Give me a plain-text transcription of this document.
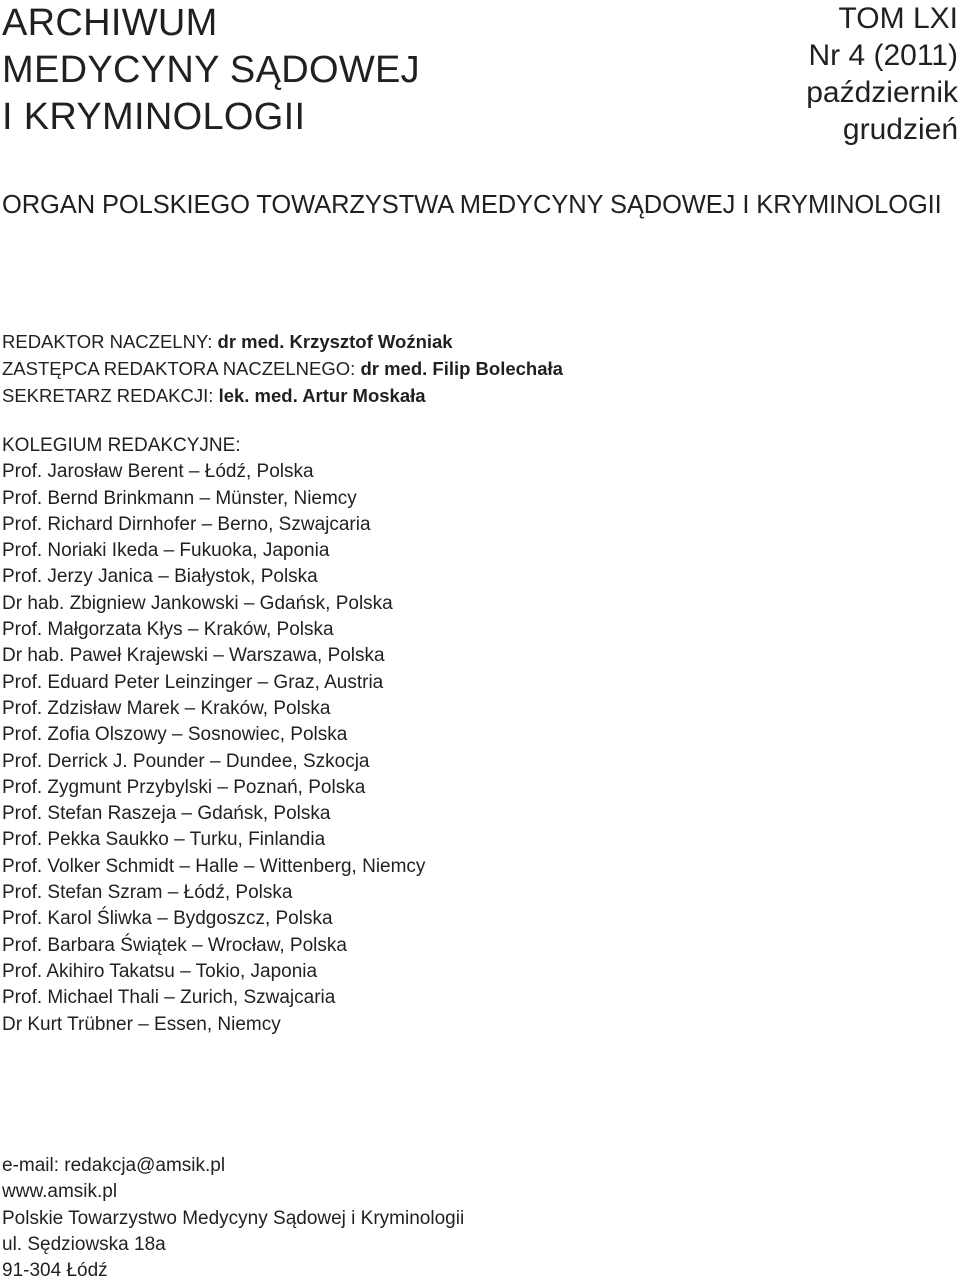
ARCHIWUM
MEDYCYNY SĄDOWEJ
I KRYMINOLOGII
TOM LXI
Nr 4 (2011)
październik
grudzień
ORGAN POLSKIEGO TOWARZYSTWA MEDYCYNY SĄDOWEJ I KRYMINOLOGII
REDAKTOR NACZELNY: dr med. Krzysztof Woźniak
ZASTĘPCA REDAKTORA NACZELNEGO: dr med. Filip Bolechała
SEKRETARZ REDAKCJI: lek. med. Artur Moskała
KOLEGIUM REDAKCYJNE:
Prof. Jarosław Berent – Łódź, Polska
Prof. Bernd Brinkmann – Münster, Niemcy
Prof. Richard Dirnhofer – Berno, Szwajcaria
Prof. Noriaki Ikeda – Fukuoka, Japonia
Prof. Jerzy Janica – Białystok, Polska
Dr hab. Zbigniew Jankowski – Gdańsk, Polska
Prof. Małgorzata Kłys – Kraków, Polska
Dr hab. Paweł Krajewski – Warszawa, Polska
Prof. Eduard Peter Leinzinger – Graz, Austria
Prof. Zdzisław Marek – Kraków, Polska
Prof. Zofia Olszowy – Sosnowiec, Polska
Prof. Derrick J. Pounder – Dundee, Szkocja
Prof. Zygmunt Przybylski – Poznań, Polska
Prof. Stefan Raszeja – Gdańsk, Polska
Prof. Pekka Saukko – Turku, Finlandia
Prof. Volker Schmidt – Halle – Wittenberg, Niemcy
Prof. Stefan Szram – Łódź, Polska
Prof. Karol Śliwka – Bydgoszcz, Polska
Prof. Barbara Świątek – Wrocław, Polska
Prof. Akihiro Takatsu – Tokio, Japonia
Prof. Michael Thali – Zurich, Szwajcaria
Dr Kurt Trübner – Essen, Niemcy
e-mail: redakcja@amsik.pl
www.amsik.pl
Polskie Towarzystwo Medycyny Sądowej i Kryminologii
ul. Sędziowska 18a
91-304 Łódź
